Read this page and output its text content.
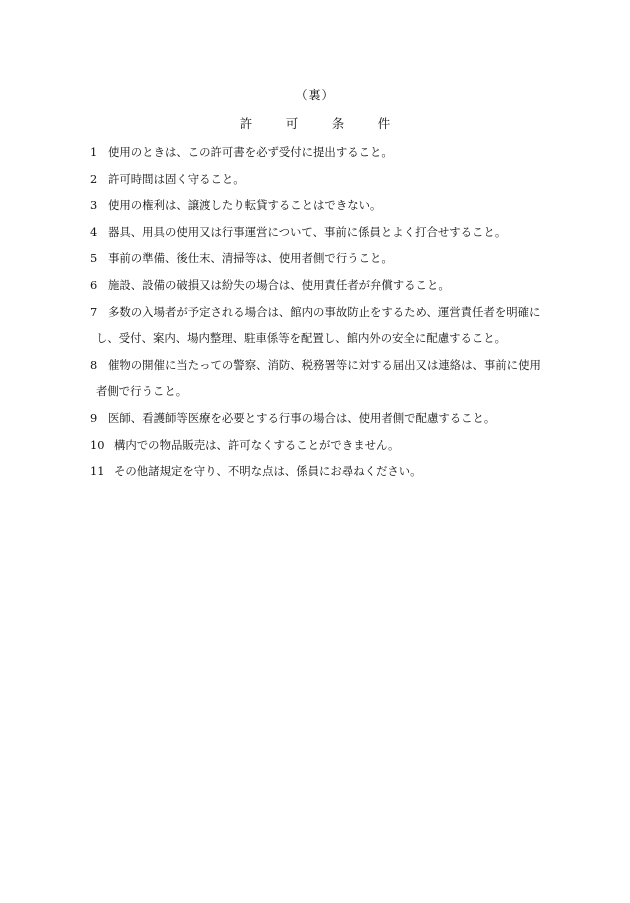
（裏）
許	可	条	件
1 使用のときは、この許可書を必ず受付に提出すること。
2 許可時間は固く守ること。
3 使用の権利は、譲渡したり転貸することはできない。
4 器具、用具の使用又は行事運営について、事前に係員とよく打合せすること。
5 事前の準備、後仕末、清掃等は、使用者側で行うこと。
6 施設、設備の破損又は紛失の場合は、使用責任者が弁償すること。
7 多数の入場者が予定される場合は、館内の事故防止をするため、運営責任者を明確に
し、受付、案内、場内整理、駐車係等を配置し、館内外の安全に配慮すること。
8 催物の開催に当たっての警察、消防、税務署等に対する届出又は連絡は、事前に使用
者側で行うこと。
9 医師、看護師等医療を必要とする行事の場合は、使用者側で配慮すること。
10 構内での物品販売は、許可なくすることができません。
11 その他諸規定を守り、不明な点は、係員にお尋ねください。
